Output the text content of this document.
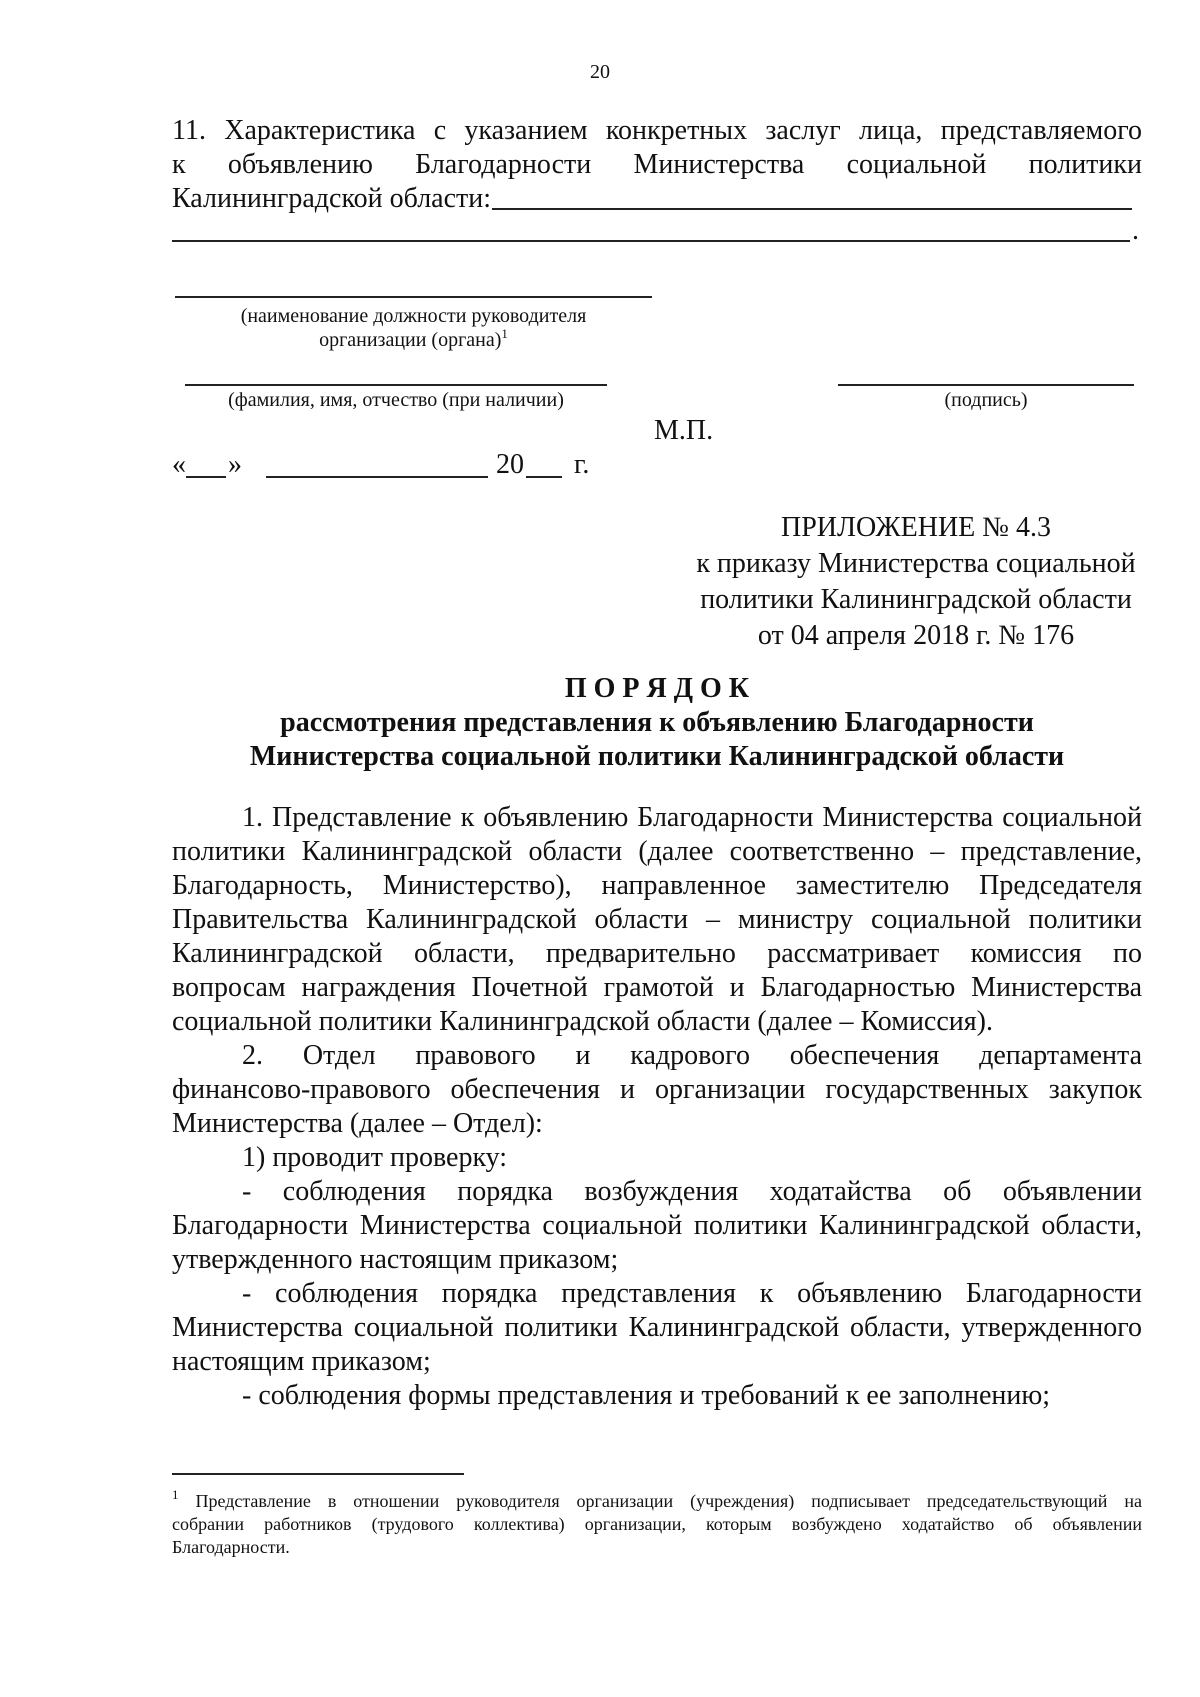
20
11. Характеристика с указанием конкретных заслуг лица, представляемого
к объявлению Благодарности Министерства социальной политики
Калининградской области:
.
(наименование должности руководителя
организации (органа)$^1$
(фамилия, имя, отчество (при наличии)	(подпись)
М.П.
« »	20 г.
ПРИЛОЖЕНИЕ № 4.3
к приказу Министерства социальной
политики Калининградской области
от 04 апреля 2018 г. № 176
П О Р Я Д О К
рассмотрения представления к объявлению Благодарности
Министерства социальной политики Калининградской области
1. Представление к объявлению Благодарности Министерства социальной
политики Калининградской области (далее соответственно – представление,
Благодарность, Министерство), направленное заместителю Председателя
Правительства Калининградской области – министру социальной политики
Калининградской области, предварительно рассматривает комиссия по
вопросам награждения Почетной грамотой и Благодарностью Министерства
социальной политики Калининградской области (далее – Комиссия).
2. Отдел правового и кадрового обеспечения департамента
финансово-правового обеспечения и организации государственных закупок
Министерства (далее – Отдел):
1) проводит проверку:
- соблюдения порядка возбуждения ходатайства об объявлении
Благодарности Министерства социальной политики Калининградской области,
утвержденного настоящим приказом;
- соблюдения порядка представления к объявлению Благодарности
Министерства социальной политики Калининградской области, утвержденного
настоящим приказом;
- соблюдения формы представления и требований к ее заполнению;
$^1$ Представление в отношении руководителя организации (учреждения) подписывает председательствующий на
собрании работников (трудового коллектива) организации, которым возбуждено ходатайство об объявлении
Благодарности.
